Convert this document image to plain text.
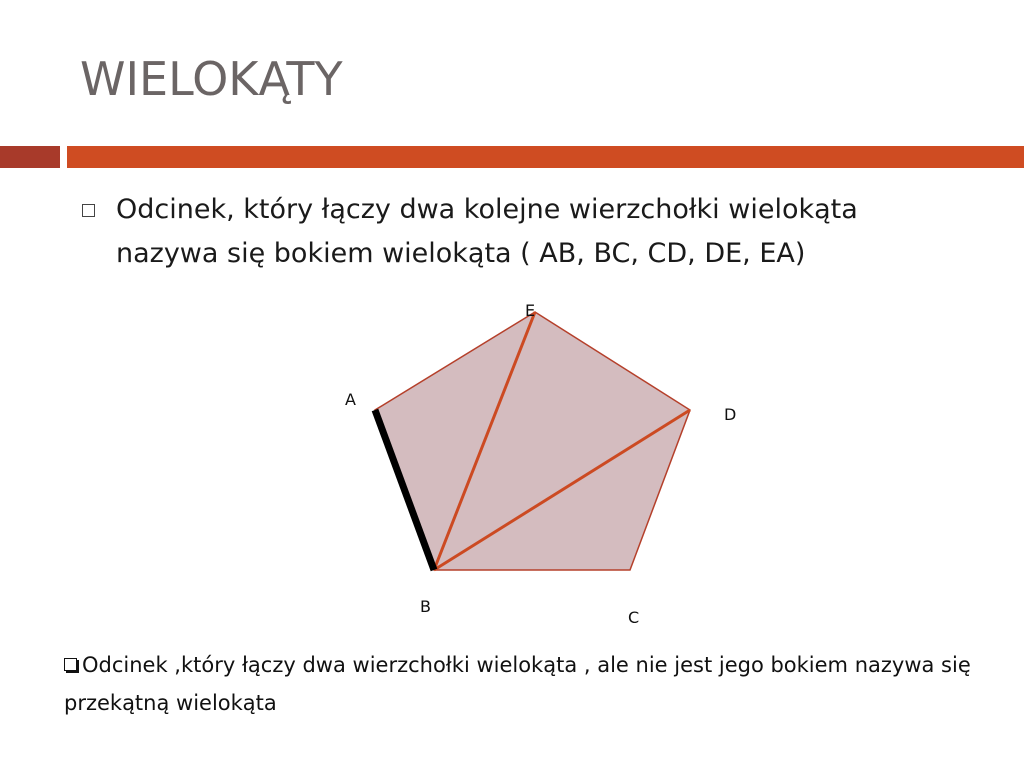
WIELOKĄTY
Odcinek, który łączy dwa kolejne wierzchołki wielokąta nazywa się bokiem wielokąta ( AB, BC, CD, DE, EA)
E
A
D
B
C
Odcinek ,który łączy dwa wierzchołki wielokąta , ale nie jest jego bokiem nazywa się przekątną wielokąta
